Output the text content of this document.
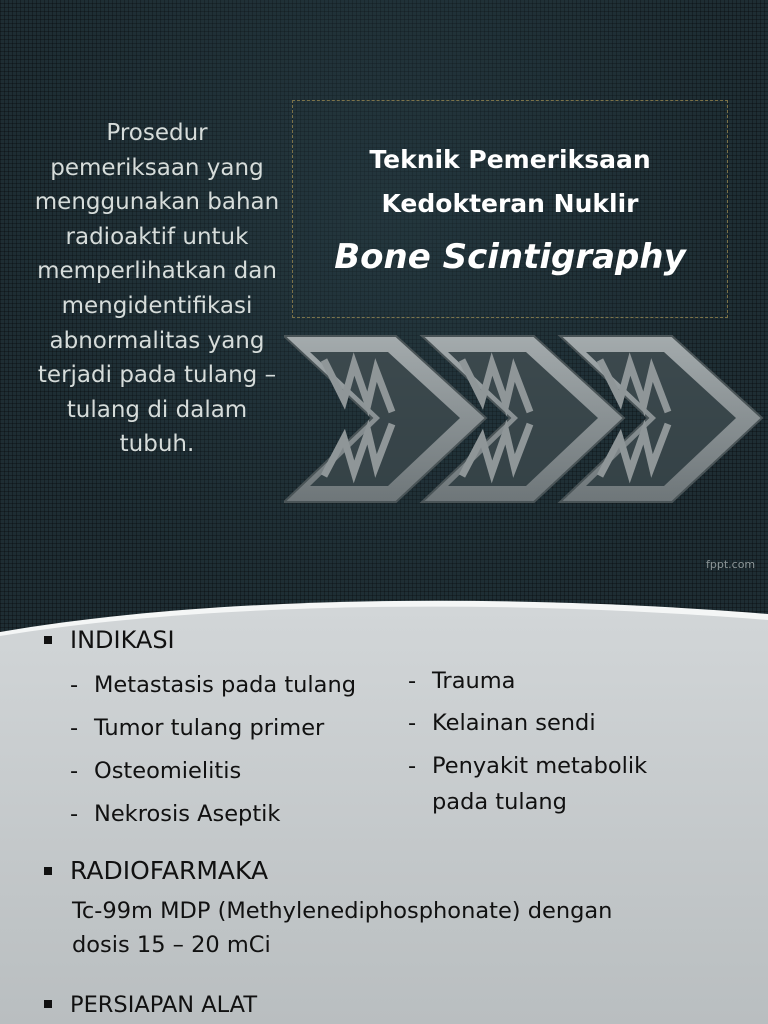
Prosedur pemeriksaan yang menggunakan bahan radioaktif untuk memperlihatkan dan mengidentifikasi abnormalitas yang terjadi pada tulang – tulang di dalam tubuh.
Teknik Pemeriksaan
Kedokteran Nuklir
Bone Scintigraphy
fppt.com
INDIKASI
- Metastasis pada tulang
- Tumor tulang primer
- Osteomielitis
- Nekrosis Aseptik
- Trauma
- Kelainan sendi
- Penyakit metabolik
pada tulang
RADIOFARMAKA
Tc-99m MDP (Methylenediphosphonate) dengan
dosis 15 – 20 mCi
PERSIAPAN ALAT
